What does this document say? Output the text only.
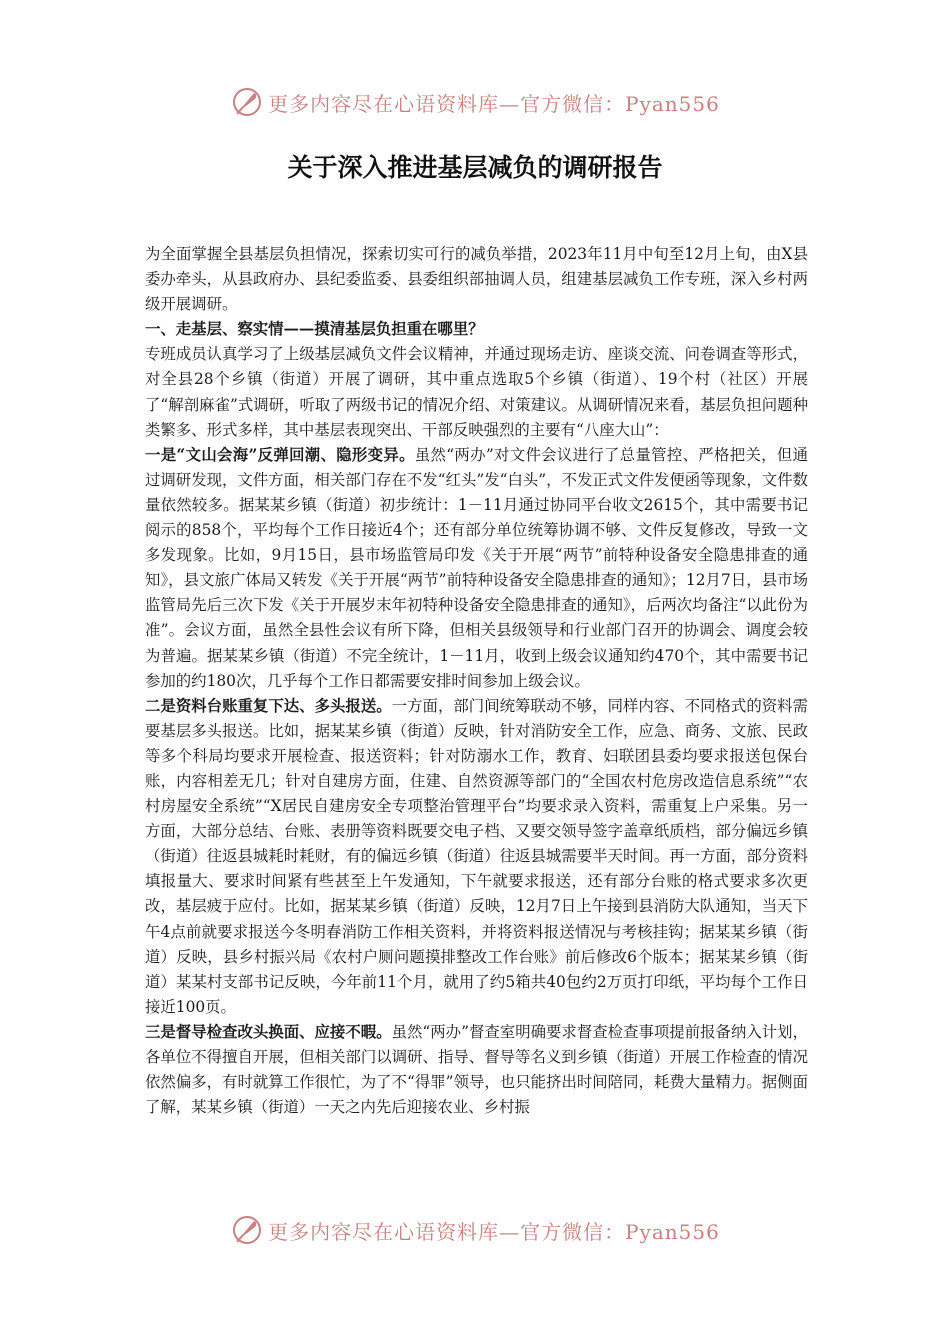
更多内容尽在心语资料库—官方微信：Pyan556
关于深入推进基层减负的调研报告

为全面掌握全县基层负担情况，探索切实可行的减负举措，2023年11月中旬至12月上旬，由X县委办牵头，从县政府办、县纪委监委、县委组织部抽调人员，组建基层减负工作专班，深入乡村两级开展调研。

一、走基层、察实情——摸清基层负担重在哪里？

专班成员认真学习了上级基层减负文件会议精神，并通过现场走访、座谈交流、问卷调查等形式，对全县28个乡镇（街道）开展了调研，其中重点选取5个乡镇（街道）、19个村（社区）开展了“解剖麻雀”式调研，听取了两级书记的情况介绍、对策建议。从调研情况来看，基层负担问题种类繁多、形式多样，其中基层表现突出、干部反映强烈的主要有“八座大山”：

一是“文山会海”反弹回潮、隐形变异。虽然“两办”对文件会议进行了总量管控、严格把关，但通过调研发现，文件方面，相关部门存在不发“红头”发“白头”，不发正式文件发便函等现象，文件数量依然较多。据某某乡镇（街道）初步统计：1－11月通过协同平台收文2615个，其中需要书记阅示的858个，平均每个工作日接近4个；还有部分单位统筹协调不够、文件反复修改，导致一文多发现象。比如，9月15日，县市场监管局印发《关于开展“两节”前特种设备安全隐患排查的通知》，县文旅广体局又转发《关于开展“两节”前特种设备安全隐患排查的通知》；12月7日，县市场监管局先后三次下发《关于开展岁末年初特种设备安全隐患排查的通知》，后两次均备注“以此份为准”。会议方面，虽然全县性会议有所下降，但相关县级领导和行业部门召开的协调会、调度会较为普遍。据某某乡镇（街道）不完全统计，1－11月，收到上级会议通知约470个，其中需要书记参加的约180次，几乎每个工作日都需要安排时间参加上级会议。

二是资料台账重复下达、多头报送。一方面，部门间统筹联动不够，同样内容、不同格式的资料需要基层多头报送。比如，据某某乡镇（街道）反映，针对消防安全工作，应急、商务、文旅、民政等多个科局均要求开展检查、报送资料；针对防溺水工作，教育、妇联团县委均要求报送包保台账，内容相差无几；针对自建房方面，住建、自然资源等部门的“全国农村危房改造信息系统”“农村房屋安全系统”“X居民自建房安全专项整治管理平台”均要求录入资料，需重复上户采集。另一方面，大部分总结、台账、表册等资料既要交电子档、又要交领导签字盖章纸质档，部分偏远乡镇（街道）往返县城耗时耗财，有的偏远乡镇（街道）往返县城需要半天时间。再一方面，部分资料填报量大、要求时间紧有些甚至上午发通知，下午就要求报送，还有部分台账的格式要求多次更改，基层疲于应付。比如，据某某乡镇（街道）反映，12月7日上午接到县消防大队通知，当天下午4点前就要求报送今冬明春消防工作相关资料，并将资料报送情况与考核挂钩；据某某乡镇（街道）反映，县乡村振兴局《农村户厕问题摸排整改工作台账》前后修改6个版本；据某某乡镇（街道）某某村支部书记反映，今年前11个月，就用了约5箱共40包约2万页打印纸，平均每个工作日接近100页。

三是督导检查改头换面、应接不暇。虽然“两办”督查室明确要求督查检查事项提前报备纳入计划，各单位不得擅自开展，但相关部门以调研、指导、督导等名义到乡镇（街道）开展工作检查的情况依然偏多，有时就算工作很忙，为了不“得罪”领导，也只能挤出时间陪同，耗费大量精力。据侧面了解，某某乡镇（街道）一天之内先后迎接农业、乡村振

更多内容尽在心语资料库—官方微信：Pyan556
